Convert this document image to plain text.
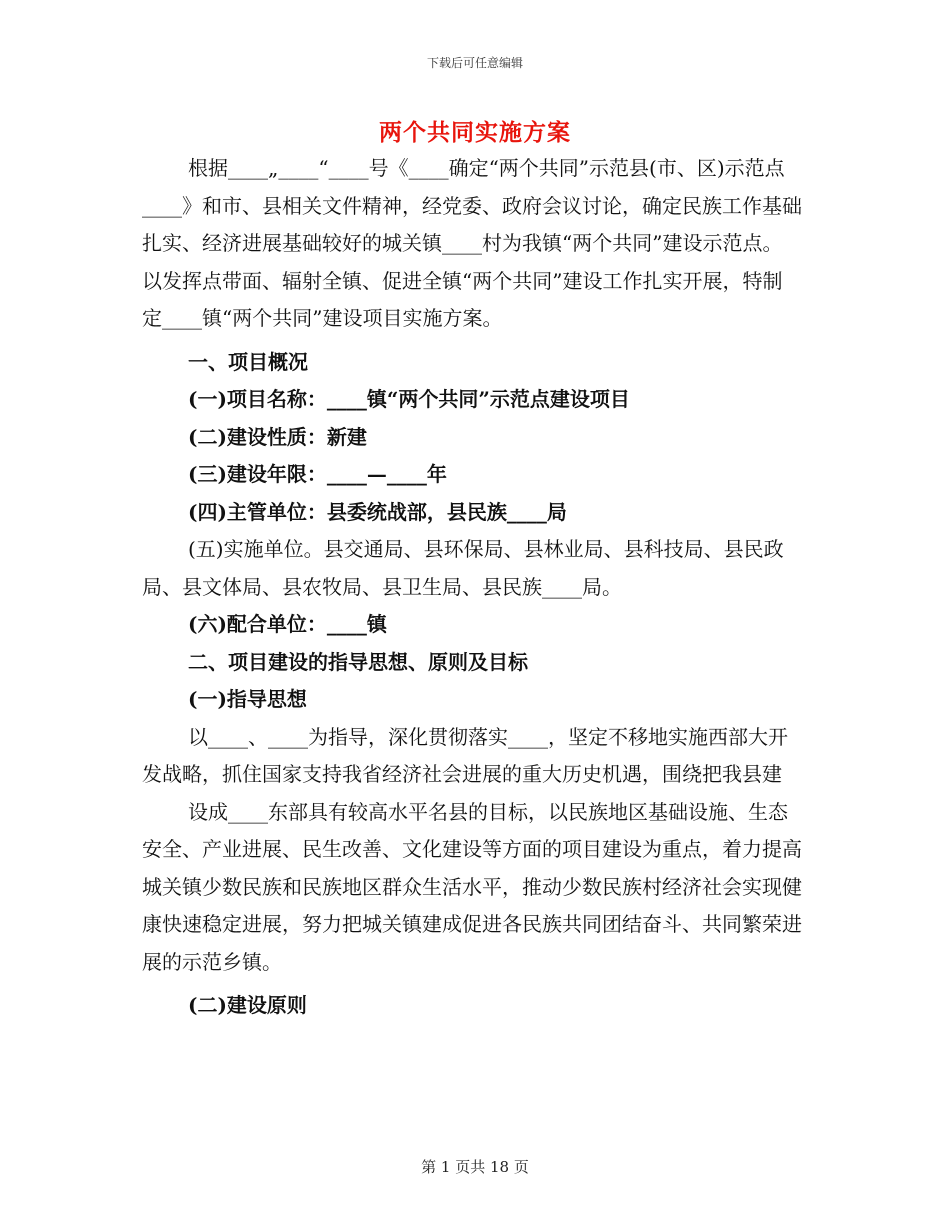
下载后可任意编辑
两个共同实施方案

根据____„____“____号《____确定“两个共同”示范县(市、区)示范点____》和市、县相关文件精神，经党委、政府会议讨论，确定民族工作基础扎实、经济进展基础较好的城关镇____村为我镇“两个共同”建设示范点。以发挥点带面、辐射全镇、促进全镇“两个共同”建设工作扎实开展，特制定____镇“两个共同”建设项目实施方案。

一、项目概况

(一)项目名称：____镇“两个共同”示范点建设项目

(二)建设性质：新建

(三)建设年限：____—____年

(四)主管单位：县委统战部，县民族____局

(五)实施单位。县交通局、县环保局、县林业局、县科技局、县民政局、县文体局、县农牧局、县卫生局、县民族____局。

(六)配合单位：____镇

二、项目建设的指导思想、原则及目标

(一)指导思想

以____、____为指导，深化贯彻落实____，坚定不移地实施西部大开发战略，抓住国家支持我省经济社会进展的重大历史机遇，围绕把我县建

设成____东部具有较高水平名县的目标，以民族地区基础设施、生态安全、产业进展、民生改善、文化建设等方面的项目建设为重点，着力提高城关镇少数民族和民族地区群众生活水平，推动少数民族村经济社会实现健康快速稳定进展，努力把城关镇建成促进各民族共同团结奋斗、共同繁荣进展的示范乡镇。

(二)建设原则

第 1 页共 18 页
